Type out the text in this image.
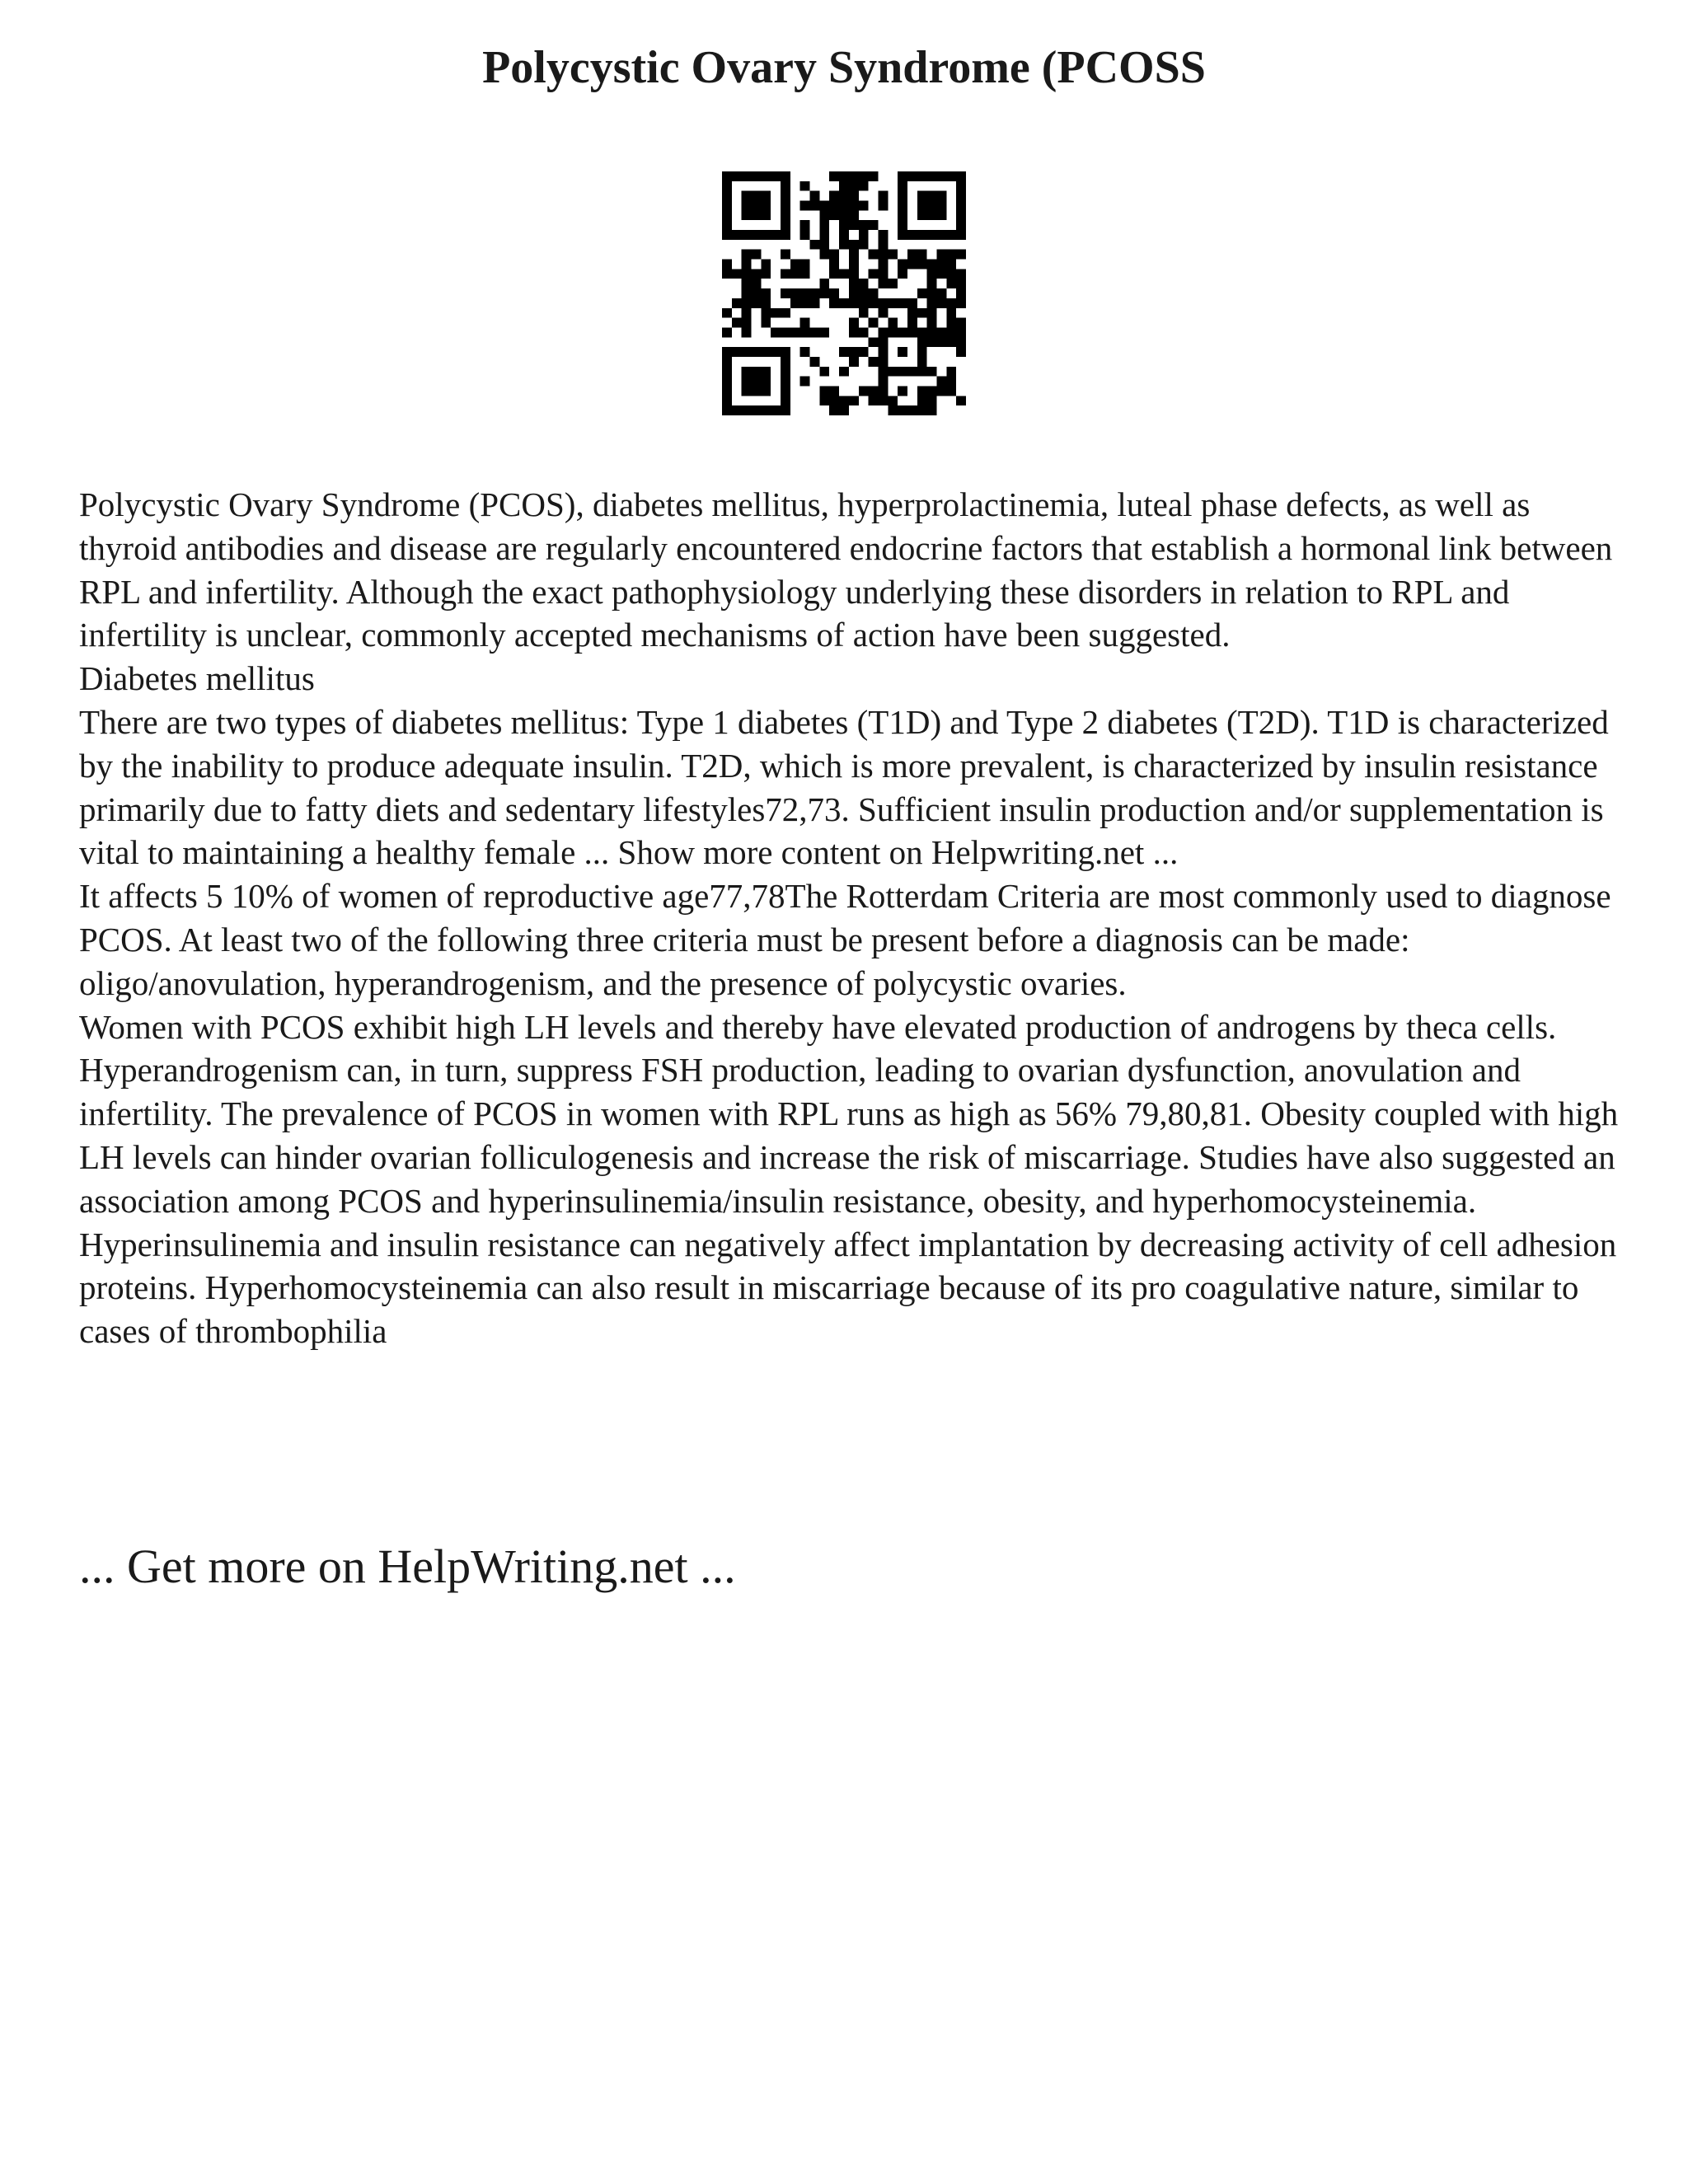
Polycystic Ovary Syndrome (PCOSS

Polycystic Ovary Syndrome (PCOS), diabetes mellitus, hyperprolactinemia, luteal phase defects, as well as thyroid antibodies and disease are regularly encountered endocrine factors that establish a hormonal link between RPL and infertility. Although the exact pathophysiology underlying these disorders in relation to RPL and infertility is unclear, commonly accepted mechanisms of action have been suggested.

Diabetes mellitus

There are two types of diabetes mellitus: Type 1 diabetes (T1D) and Type 2 diabetes (T2D). T1D is characterized by the inability to produce adequate insulin. T2D, which is more prevalent, is characterized by insulin resistance primarily due to fatty diets and sedentary lifestyles72,73. Sufficient insulin production and/or supplementation is vital to maintaining a healthy female ... Show more content on Helpwriting.net ...

It affects 5 10% of women of reproductive age77,78The Rotterdam Criteria are most commonly used to diagnose PCOS. At least two of the following three criteria must be present before a diagnosis can be made: oligo/anovulation, hyperandrogenism, and the presence of polycystic ovaries.

Women with PCOS exhibit high LH levels and thereby have elevated production of androgens by theca cells. Hyperandrogenism can, in turn, suppress FSH production, leading to ovarian dysfunction, anovulation and infertility. The prevalence of PCOS in women with RPL runs as high as 56% 79,80,81. Obesity coupled with high LH levels can hinder ovarian folliculogenesis and increase the risk of miscarriage. Studies have also suggested an association among PCOS and hyperinsulinemia/insulin resistance, obesity, and hyperhomocysteinemia. Hyperinsulinemia and insulin resistance can negatively affect implantation by decreasing activity of cell adhesion proteins. Hyperhomocysteinemia can also result in miscarriage because of its pro coagulative nature, similar to cases of thrombophilia

... Get more on HelpWriting.net ...
